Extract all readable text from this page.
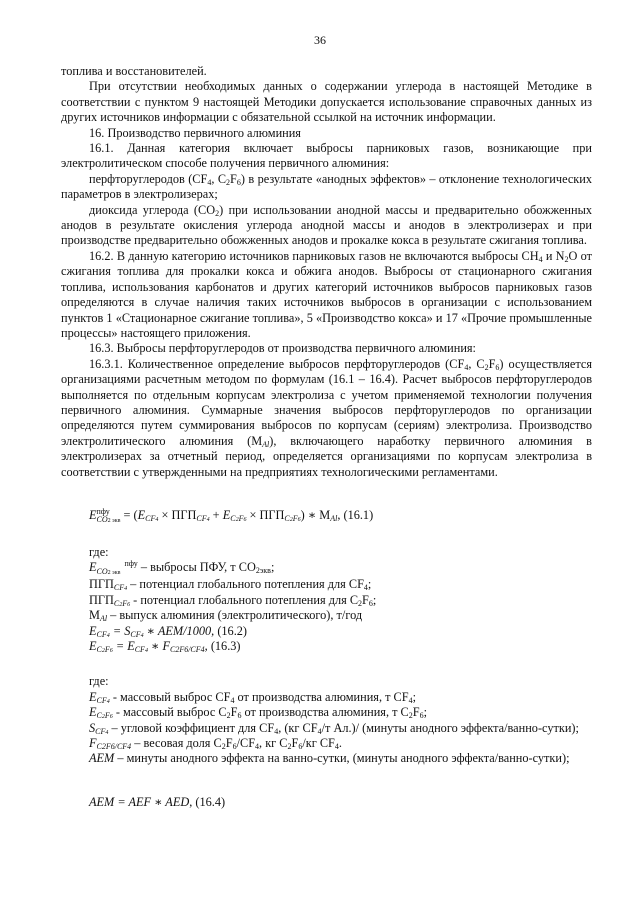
36

топлива и восстановителей.

При отсутствии необходимых данных о содержании углерода в настоящей Методике в соответствии с пунктом 9 настоящей Методики допускается использование справочных данных из других источников информации с обязательной ссылкой на источник информации.

16. Производство первичного алюминия

16.1. Данная категория включает выбросы парниковых газов, возникающие при электролитическом способе получения первичного алюминия:

перфторуглеродов ($CF_4$, $C_2F_6$) в результате «анодных эффектов» – отклонение технологических параметров в электролизерах;

диоксида углерода $(CO_2)$ при использовании анодной массы и предварительно обожженных анодов в результате окисления углерода анодной массы и анодов в электролизерах и при производстве предварительно обожженных анодов и прокалке кокса в результате сжигания топлива.

16.2. В данную категорию источников парниковых газов не включаются выбросы $CH_4$ и $N_2O$ от сжигания топлива для прокалки кокса и обжига анодов. Выбросы от стационарного сжигания топлива, использования карбонатов и других категорий источников выбросов парниковых газов определяются в случае наличия таких источников выбросов в организации с использованием пунктов 1 «Стационарное сжигание топлива», 5 «Производство кокса» и 17 «Прочие промышленные процессы» настоящего приложения.

16.3. Выбросы перфторуглеродов от производства первичного алюминия:

16.3.1. Количественное определение выбросов перфторуглеродов ($CF_4$, $C_2F_6$) осуществляется организациями расчетным методом по формулам (16.1 – 16.4). Расчет выбросов перфторуглеродов выполняется по отдельным корпусам электролиза с учетом применяемой технологии получения первичного алюминия. Суммарные значения выбросов перфторуглеродов по организации определяются путем суммирования выбросов по корпусам (сериям) электролиза. Производство электролитического алюминия $(M_{Al})$, включающего наработку первичного алюминия в электролизерах за отчетный период, определяется организациями по корпусам электролиза в соответствии с утвержденными на предприятиях технологическими регламентами.

Eпфу
CO2 экв = $(E_{CF4} \times ПГП_{CF4} + E_{C2F6} \times ПГП_{C2F6})$ ∗ $M_{Al}$, (16.1)

где:

E	пфу
CO2 экв – выбросы ПФУ, т $CO_{2экв}$;

$ПГП_{CF4}$ – потенциал глобального потепления для $CF_4$;

$ПГП_{C2F6}$ - потенциал глобального потепления для $C_2F_6$;

$M_{Al}$ – выпуск алюминия (электролитического), т/год

$E_{CF4} = S_{CF4}$ ∗ AEM/1000, (16.2)

$E_{C2F6} = E_{CF4}$ ∗ $F_{C2F6/CF4}$, (16.3)

где:

$E_{CF4}$ - массовый выброс $CF_4$ от производства алюминия, т $CF_4$;

$E_{C2F6}$ - массовый выброс $C_2F_6$ от производства алюминия, т $C_2F_6$;

$S_{CF4}$ – угловой коэффициент для $CF_4$, (кг $CF_4/т$ Ал.)/ (минуты анодного эффекта/ванно-сутки);

$F_{C2F6/CF4}$ – весовая доля $C_2F_6/CF_4$, кг $C_2F_6/кг$ $CF_4$.

AEM – минуты анодного эффекта на ванно-сутки, (минуты анодного эффекта/ванно-сутки);

AEM = AEF ∗ AED, (16.4)
